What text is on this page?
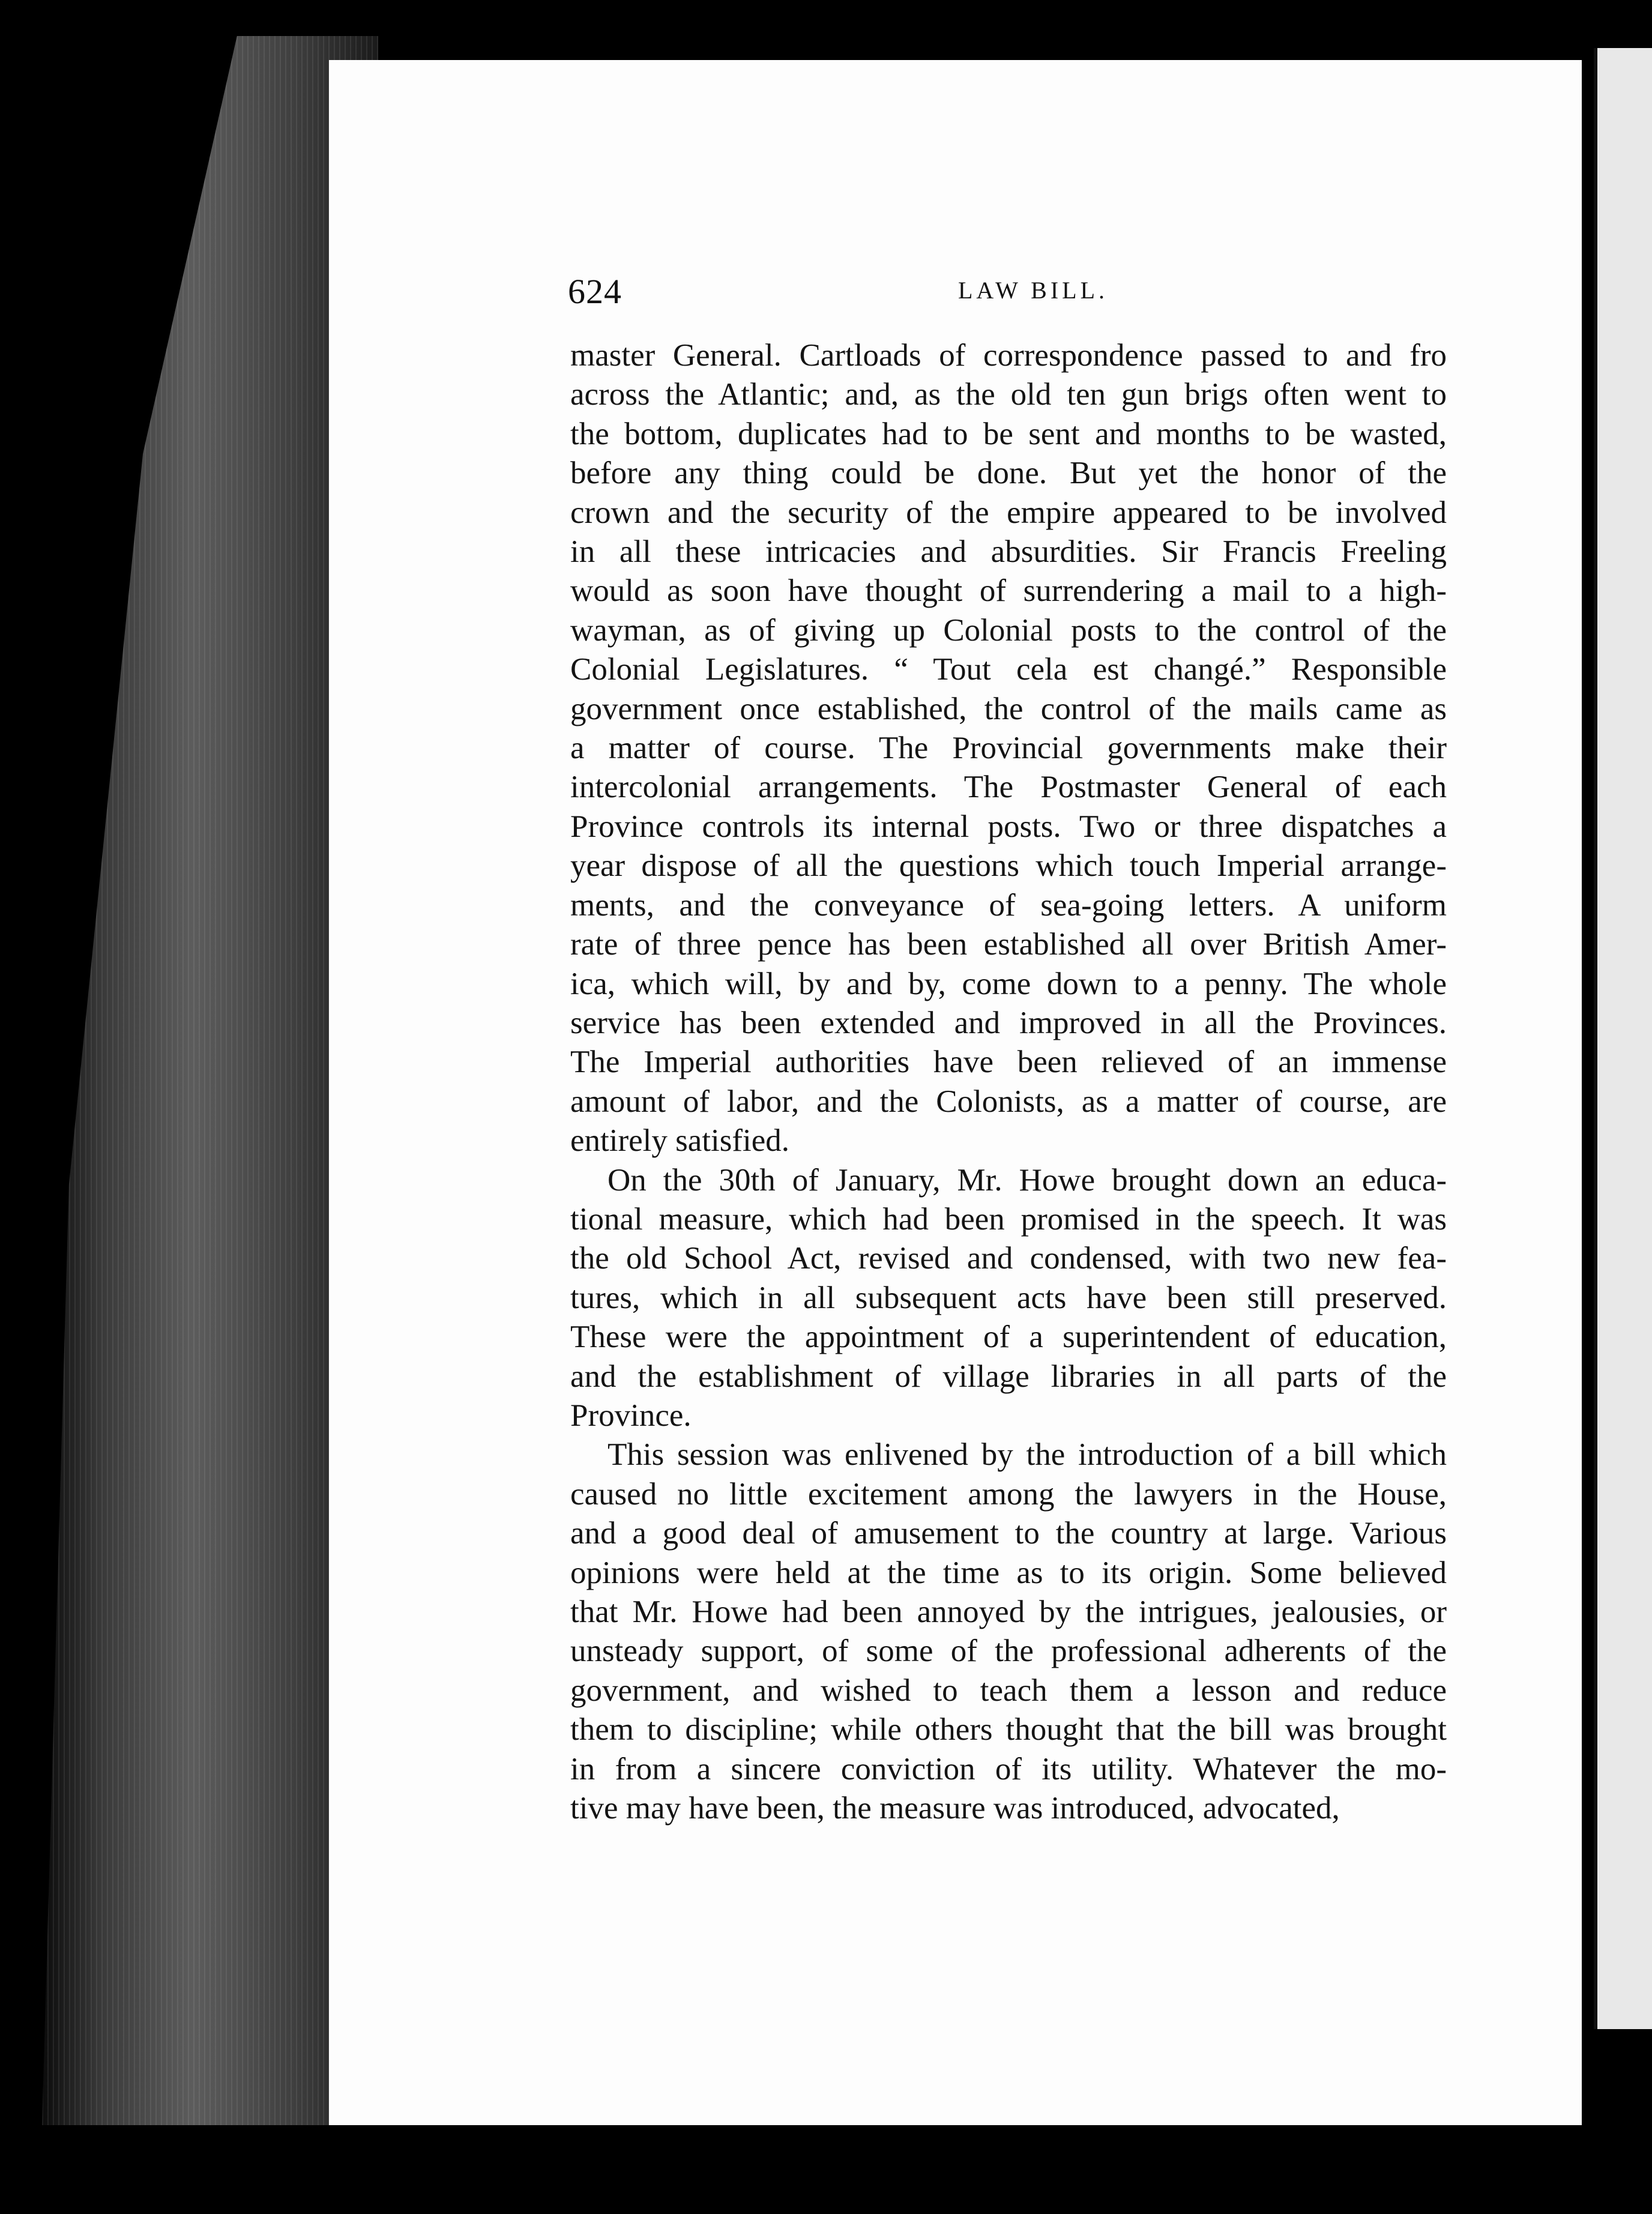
624	LAW BILL.

master General. Cartloads of correspondence passed to and fro
across the Atlantic; and, as the old ten gun brigs often went to
the bottom, duplicates had to be sent and months to be wasted,
before any thing could be done. But yet the honor of the
crown and the security of the empire appeared to be involved
in all these intricacies and absurdities. Sir Francis Freeling
would as soon have thought of surrendering a mail to a high-
wayman, as of giving up Colonial posts to the control of the
Colonial Legislatures. “ Tout cela est changé.” Responsible
government once established, the control of the mails came as
a matter of course. The Provincial governments make their
intercolonial arrangements. The Postmaster General of each
Province controls its internal posts. Two or three dispatches a
year dispose of all the questions which touch Imperial arrange-
ments, and the conveyance of sea-going letters. A uniform
rate of three pence has been established all over British Amer-
ica, which will, by and by, come down to a penny. The whole
service has been extended and improved in all the Provinces.
The Imperial authorities have been relieved of an immense
amount of labor, and the Colonists, as a matter of course, are
entirely satisfied.

On the 30th of January, Mr. Howe brought down an educa-
tional measure, which had been promised in the speech. It was
the old School Act, revised and condensed, with two new fea-
tures, which in all subsequent acts have been still preserved.
These were the appointment of a superintendent of education,
and the establishment of village libraries in all parts of the
Province.

This session was enlivened by the introduction of a bill which
caused no little excitement among the lawyers in the House,
and a good deal of amusement to the country at large. Various
opinions were held at the time as to its origin. Some believed
that Mr. Howe had been annoyed by the intrigues, jealousies, or
unsteady support, of some of the professional adherents of the
government, and wished to teach them a lesson and reduce
them to discipline; while others thought that the bill was brought
in from a sincere conviction of its utility. Whatever the mo-
tive may have been, the measure was introduced, advocated,
